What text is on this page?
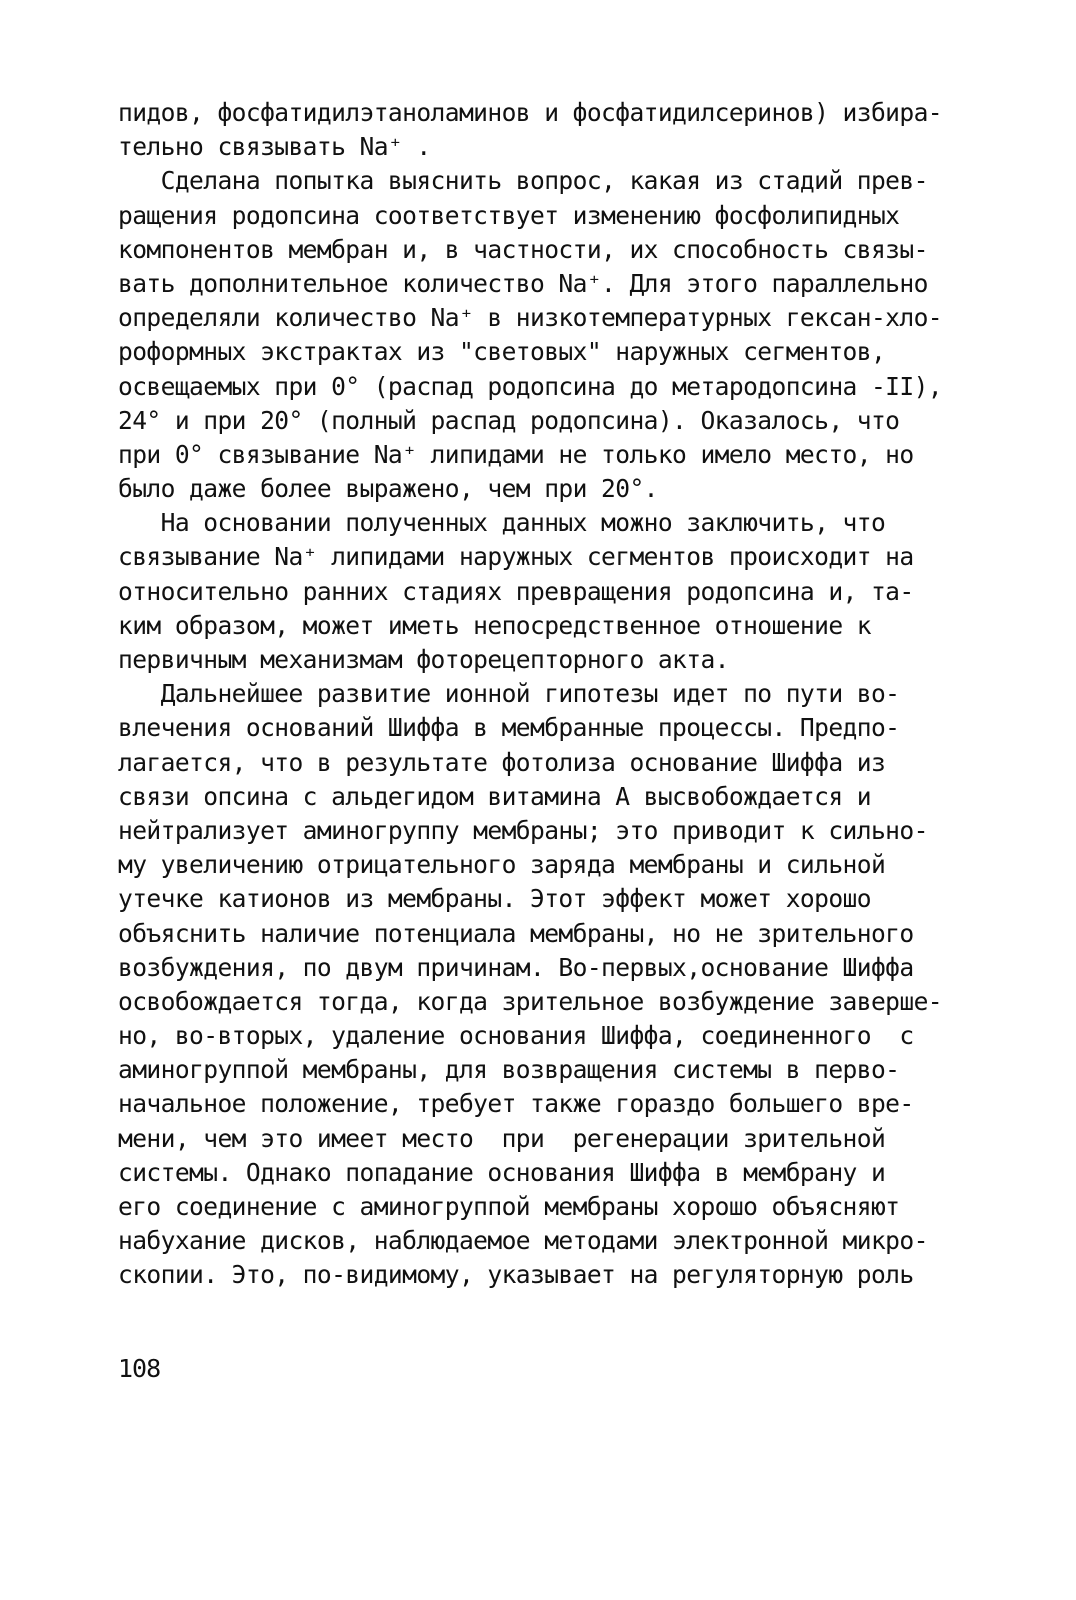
пидов, фосфатидилэтаноламинов и фосфатидилсеринов) избира-
тельно связывать Na⁺ .
Сделана попытка выяснить вопрос, какая из стадий прев-
ращения родопсина соответствует изменению фосфолипидных
компонентов мембран и, в частности, их способность связы-
вать дополнительное количество Na⁺. Для этого параллельно
определяли количество Na⁺ в низкотемпературных гексан-хло-
роформных экстрактах из "световых" наружных сегментов,
освещаемых при 0° (распад родопсина до метародопсина -II),
24° и при 20° (полный распад родопсина). Оказалось, что
при 0° связывание Na⁺ липидами не только имело место, но
было даже более выражено, чем при 20°.
На основании полученных данных можно заключить, что
связывание Na⁺ липидами наружных сегментов происходит на
относительно ранних стадиях превращения родопсина и, та-
ким образом, может иметь непосредственное отношение к
первичным механизмам фоторецепторного акта.
Дальнейшее развитие ионной гипотезы идет по пути во-
влечения оснований Шиффа в мембранные процессы. Предпо-
лагается, что в результате фотолиза основание Шиффа из
связи опсина с альдегидом витамина А высвобождается и
нейтрализует аминогруппу мембраны; это приводит к сильно-
му увеличению отрицательного заряда мембраны и сильной
утечке катионов из мембраны. Этот эффект может хорошо
объяснить наличие потенциала мембраны, но не зрительного
возбуждения, по двум причинам. Во-первых,основание Шиффа
освобождается тогда, когда зрительное возбуждение заверше-
но, во-вторых, удаление основания Шиффа, соединенного  с
аминогруппой мембраны, для возвращения системы в перво-
начальное положение, требует также гораздо большего вре-
мени, чем это имеет место  при  регенерации зрительной
системы. Однако попадание основания Шиффа в мембрану и
его соединение с аминогруппой мембраны хорошо объясняют
набухание дисков, наблюдаемое методами электронной микро-
скопии. Это, по-видимому, указывает на регуляторную роль
108
